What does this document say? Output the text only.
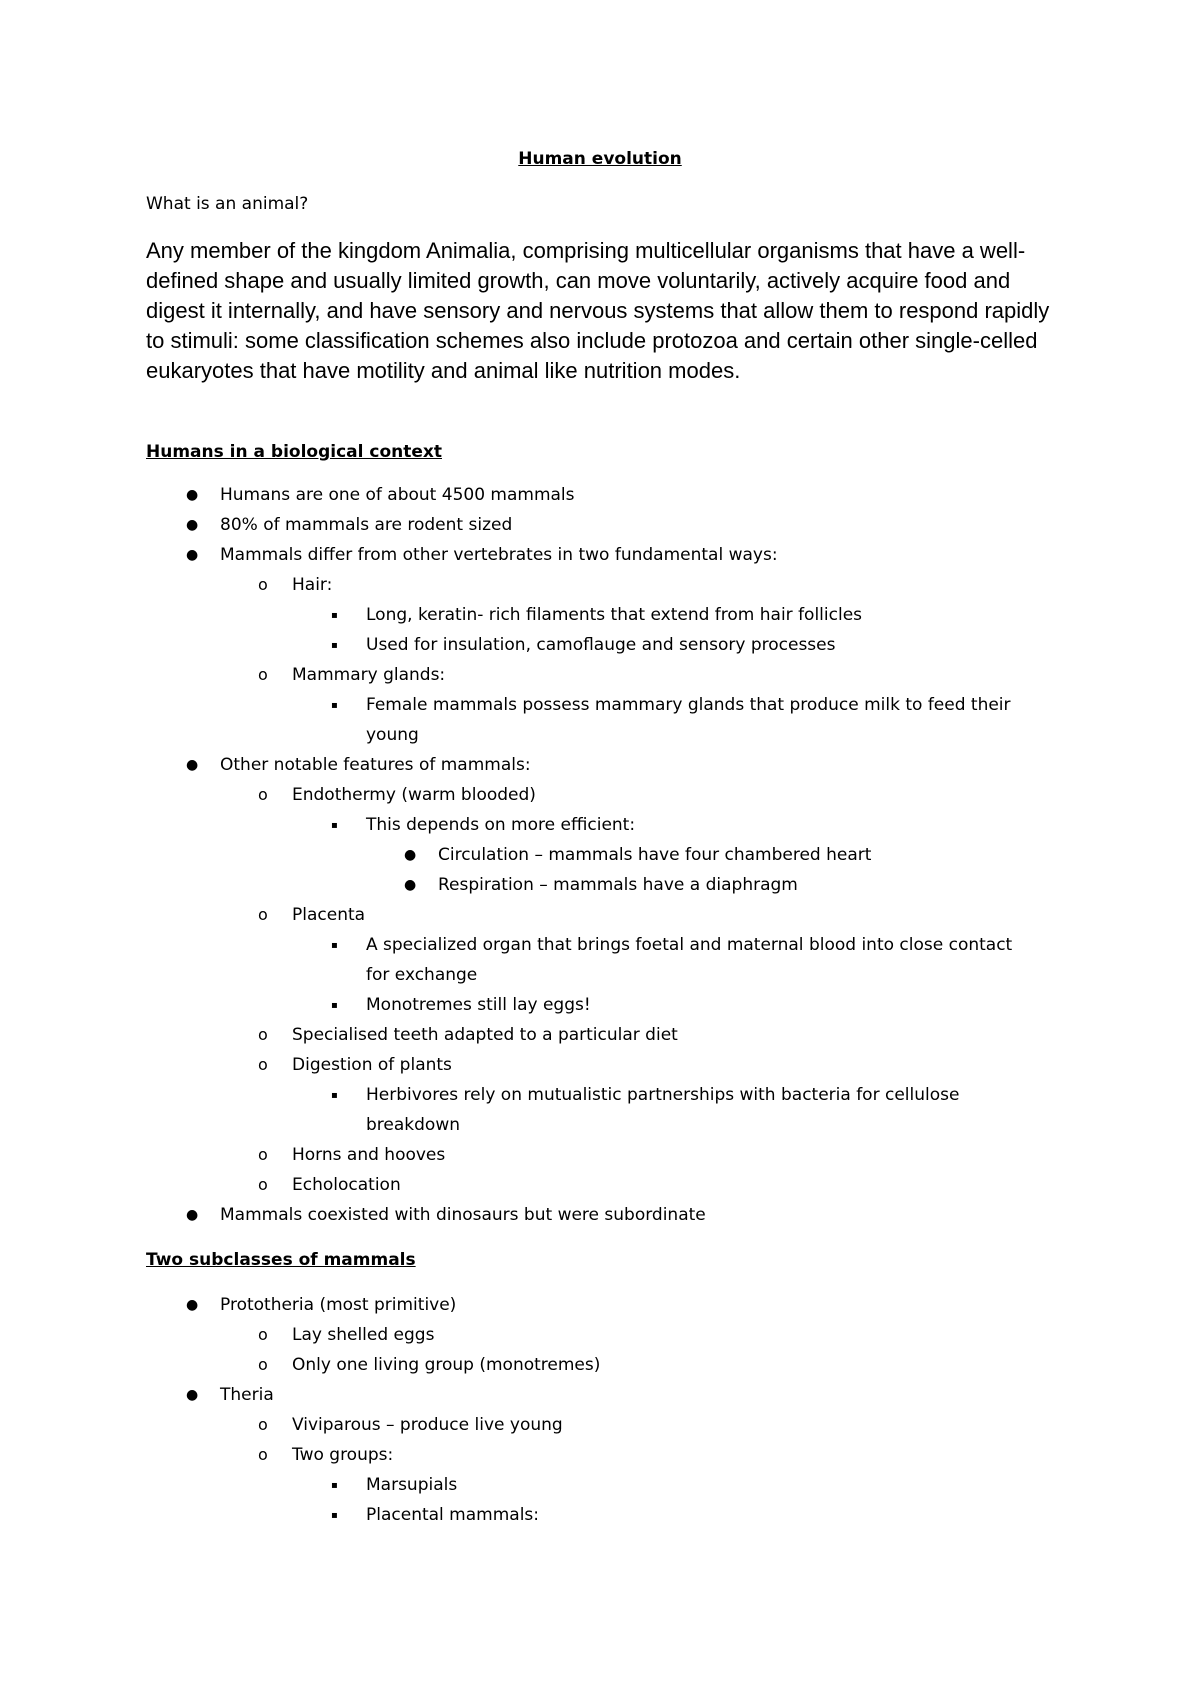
Human evolution
What is an animal?
Any member of the kingdom Animalia, comprising multicellular organisms that have a well-defined shape and usually limited growth, can move voluntarily, actively acquire food and digest it internally, and have sensory and nervous systems that allow them to respond rapidly to stimuli: some classification schemes also include protozoa and certain other single-celled eukaryotes that have motility and animal like nutrition modes.
Humans in a biological context
● Humans are one of about 4500 mammals
● 80% of mammals are rodent sized
● Mammals differ from other vertebrates in two fundamental ways:
o Hair:
▪ Long, keratin- rich filaments that extend from hair follicles
▪ Used for insulation, camoflauge and sensory processes
o Mammary glands:
▪ Female mammals possess mammary glands that produce milk to feed their
young
● Other notable features of mammals:
o Endothermy (warm blooded)
▪ This depends on more efficient:
● Circulation – mammals have four chambered heart
● Respiration – mammals have a diaphragm
o Placenta
▪ A specialized organ that brings foetal and maternal blood into close contact
for exchange
▪ Monotremes still lay eggs!
o Specialised teeth adapted to a particular diet
o Digestion of plants
▪ Herbivores rely on mutualistic partnerships with bacteria for cellulose
breakdown
o Horns and hooves
o Echolocation
● Mammals coexisted with dinosaurs but were subordinate
Two subclasses of mammals
● Prototheria (most primitive)
o Lay shelled eggs
o Only one living group (monotremes)
● Theria
o Viviparous – produce live young
o Two groups:
▪ Marsupials
▪ Placental mammals:
